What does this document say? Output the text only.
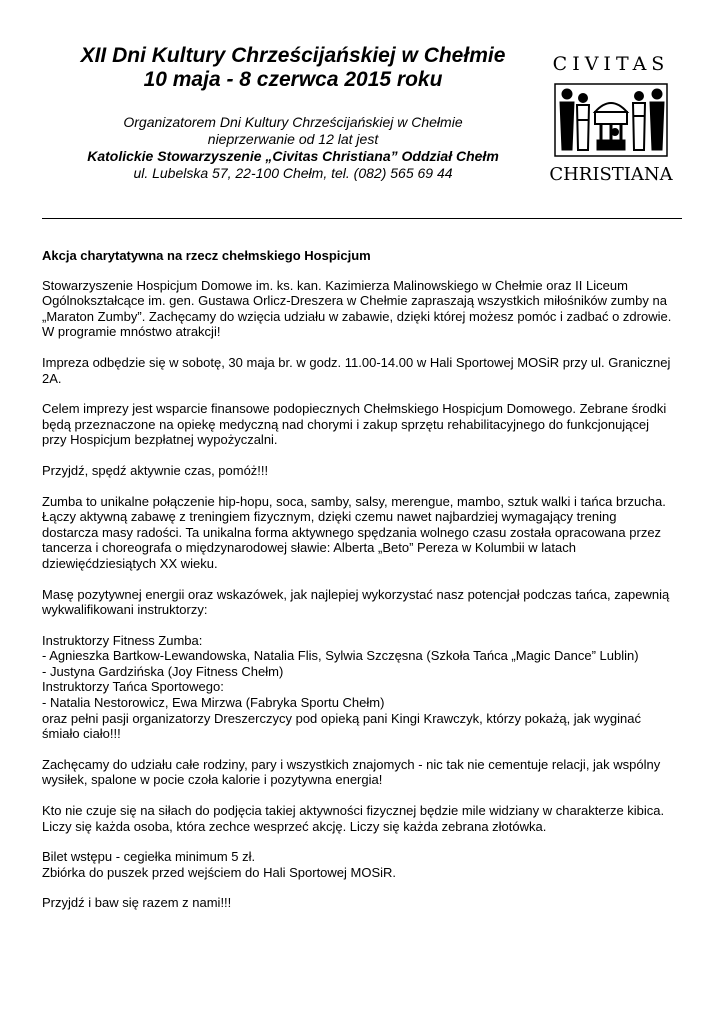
XII Dni Kultury Chrześcijańskiej w Chełmie
10 maja - 8 czerwca 2015 roku
Organizatorem Dni Kultury Chrześcijańskiej w Chełmie
nieprzerwanie od 12 lat jest
Katolickie Stowarzyszenie „Civitas Christiana” Oddział Chełm
ul. Lubelska 57, 22-100 Chełm, tel. (082) 565 69 44
CIVITAS
CHRISTIANA

Akcja charytatywna na rzecz chełmskiego Hospicjum

Stowarzyszenie Hospicjum Domowe im. ks. kan. Kazimierza Malinowskiego w Chełmie oraz II Liceum Ogólnokształcące im. gen. Gustawa Orlicz-Dreszera w Chełmie zapraszają wszystkich miłośników zumby na „Maraton Zumby”. Zachęcamy do wzięcia udziału w zabawie, dzięki której możesz pomóc i zadbać o zdrowie. W programie mnóstwo atrakcji!

Impreza odbędzie się w sobotę, 30 maja br. w godz. 11.00-14.00 w Hali Sportowej MOSiR przy ul. Granicznej 2A.

Celem imprezy jest wsparcie finansowe podopiecznych Chełmskiego Hospicjum Domowego. Zebrane środki będą przeznaczone na opiekę medyczną nad chorymi i zakup sprzętu rehabilitacyjnego do funkcjonującej przy Hospicjum bezpłatnej wypożyczalni.

Przyjdź, spędź aktywnie czas, pomóż!!!

Zumba to unikalne połączenie hip-hopu, soca, samby, salsy, merengue, mambo, sztuk walki i tańca brzucha. Łączy aktywną zabawę z treningiem fizycznym, dzięki czemu nawet najbardziej wymagający trening dostarcza masy radości. Ta unikalna forma aktywnego spędzania wolnego czasu została opracowana przez tancerza i choreografa o międzynarodowej sławie: Alberta „Beto” Pereza w Kolumbii w latach dziewięćdziesiątych XX wieku.

Masę pozytywnej energii oraz wskazówek, jak najlepiej wykorzystać nasz potencjał podczas tańca, zapewnią wykwalifikowani instruktorzy:

Instruktorzy Fitness Zumba:
- Agnieszka Bartkow-Lewandowska, Natalia Flis, Sylwia Szczęsna (Szkoła Tańca „Magic Dance” Lublin)
- Justyna Gardzińska (Joy Fitness Chełm)
Instruktorzy Tańca Sportowego:
- Natalia Nestorowicz, Ewa Mirzwa (Fabryka Sportu Chełm)
oraz pełni pasji organizatorzy Dreszerczycy pod opieką pani Kingi Krawczyk, którzy pokażą, jak wyginać śmiało ciało!!!

Zachęcamy do udziału całe rodziny, pary i wszystkich znajomych - nic tak nie cementuje relacji, jak wspólny wysiłek, spalone w pocie czoła kalorie i pozytywna energia!

Kto nie czuje się na siłach do podjęcia takiej aktywności fizycznej będzie mile widziany w charakterze kibica. Liczy się każda osoba, która zechce wesprzeć akcję. Liczy się każda zebrana złotówka.

Bilet wstępu - cegiełka minimum 5 zł.
Zbiórka do puszek przed wejściem do Hali Sportowej MOSiR.

Przyjdź i baw się razem z nami!!!
